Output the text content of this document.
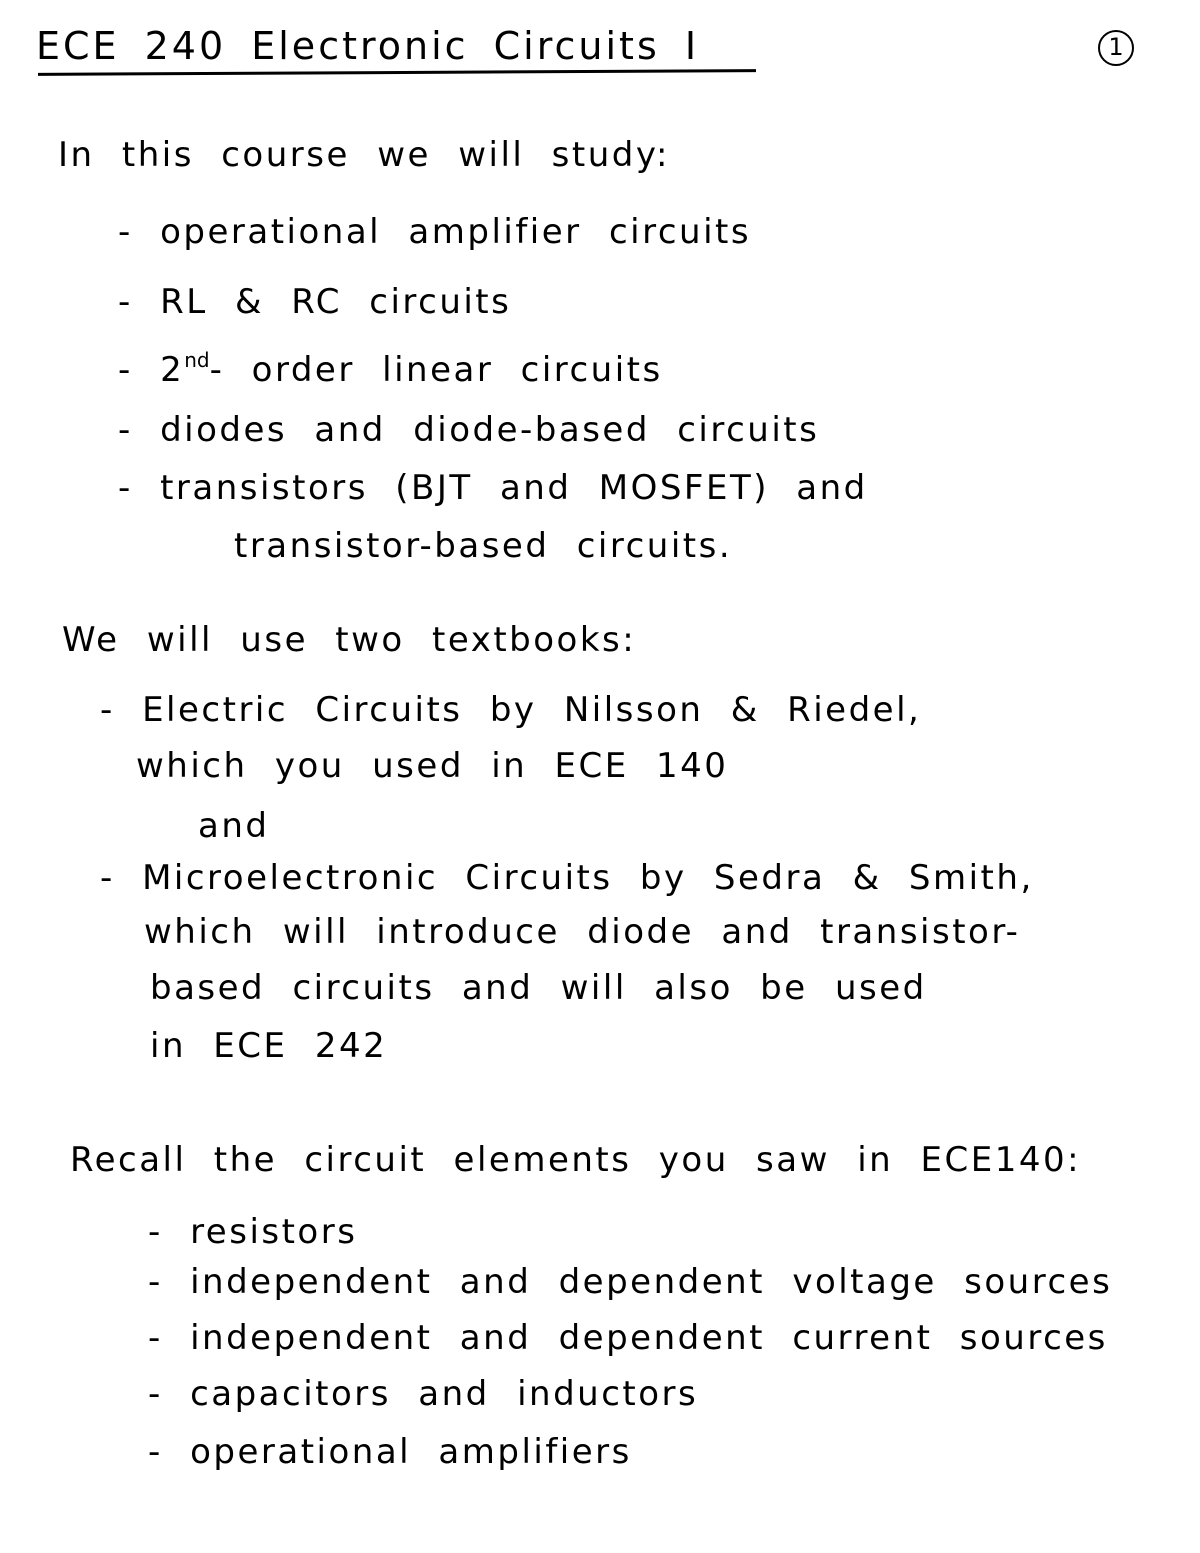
ECE 240 Electronic Circuits I	1
In this course we will study:
- operational amplifier circuits
- RL & RC circuits
- 2nd- order linear circuits
- diodes and diode-based circuits
- transistors (BJT and MOSFET) and
transistor-based circuits.
We will use two textbooks:
- Electric Circuits by Nilsson & Riedel,
which you used in ECE 140
and
- Microelectronic Circuits by Sedra & Smith,
which will introduce diode and transistor-
based circuits and will also be used
in ECE 242
Recall the circuit elements you saw in ECE140:
- resistors
- independent and dependent voltage sources
- independent and dependent current sources
- capacitors and inductors
- operational amplifiers
